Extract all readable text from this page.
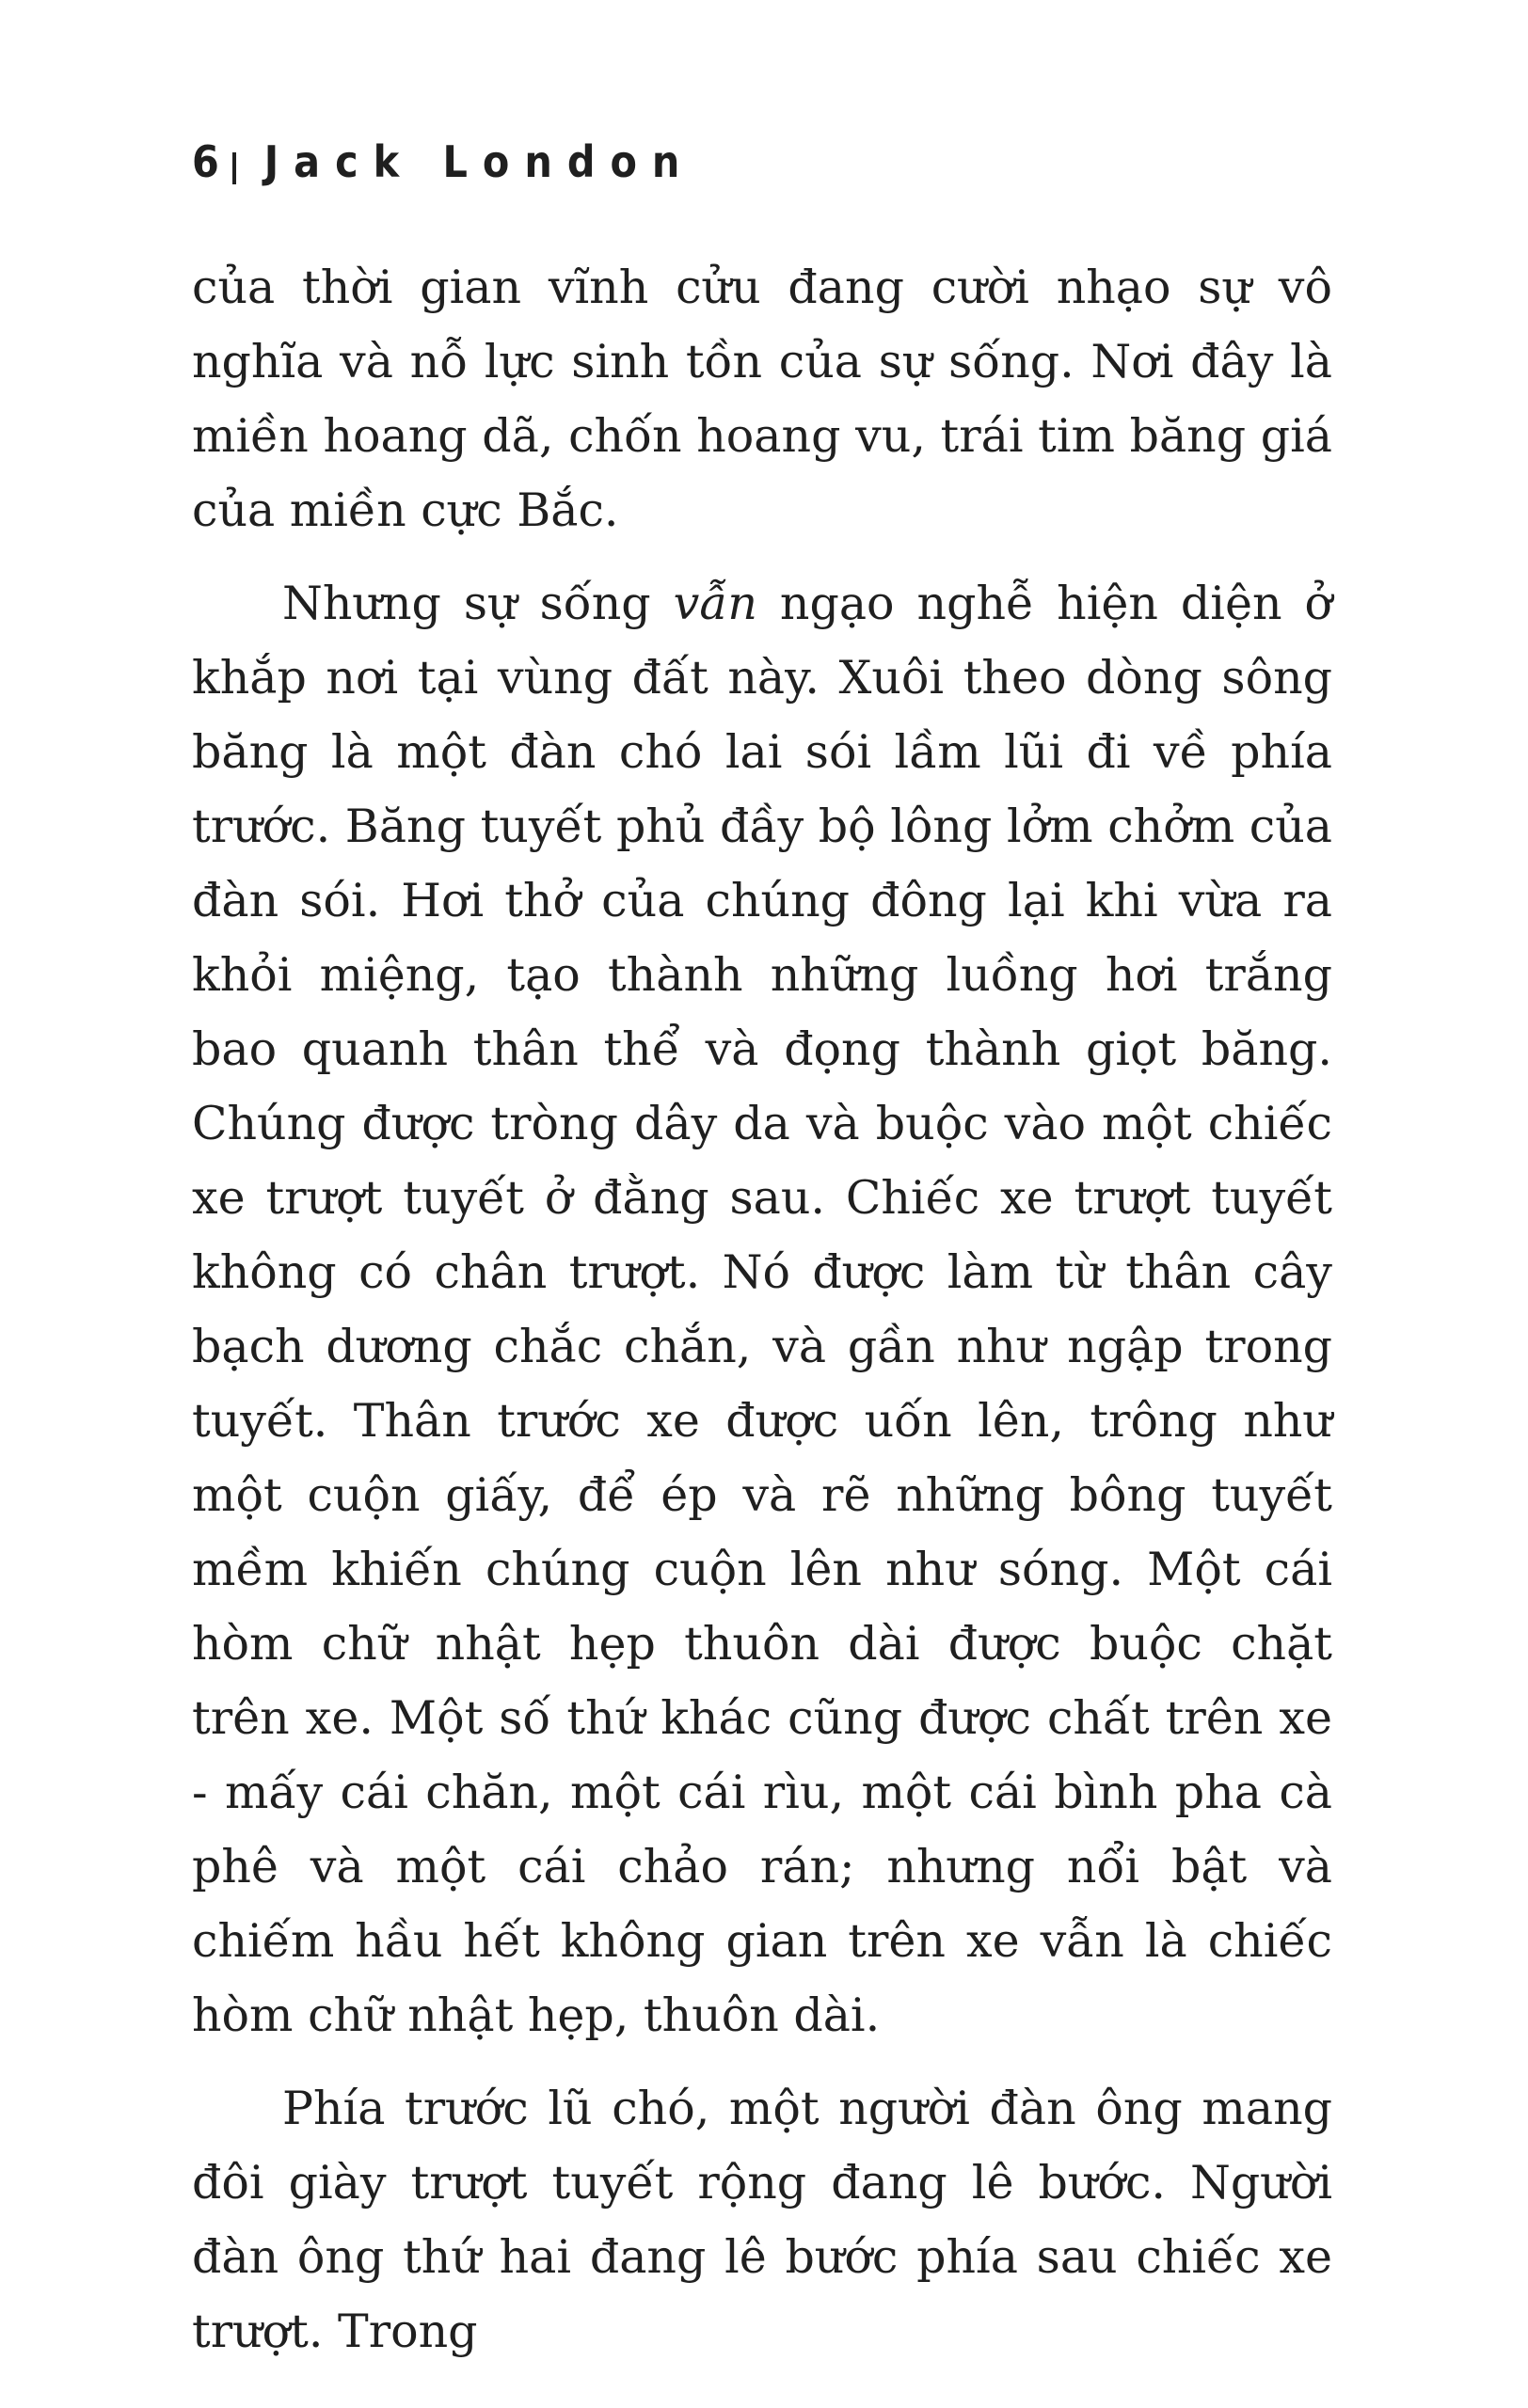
6 Jack London

của thời gian vĩnh cửu đang cười nhạo sự vô nghĩa và nỗ lực sinh tồn của sự sống. Nơi đây là miền hoang dã, chốn hoang vu, trái tim băng giá của miền cực Bắc.

Nhưng sự sống vẫn ngạo nghễ hiện diện ở khắp nơi tại vùng đất này. Xuôi theo dòng sông băng là một đàn chó lai sói lầm lũi đi về phía trước. Băng tuyết phủ đầy bộ lông lởm chởm của đàn sói. Hơi thở của chúng đông lại khi vừa ra khỏi miệng, tạo thành những luồng hơi trắng bao quanh thân thể và đọng thành giọt băng. Chúng được tròng dây da và buộc vào một chiếc xe trượt tuyết ở đằng sau. Chiếc xe trượt tuyết không có chân trượt. Nó được làm từ thân cây bạch dương chắc chắn, và gần như ngập trong tuyết. Thân trước xe được uốn lên, trông như một cuộn giấy, để ép và rẽ những bông tuyết mềm khiến chúng cuộn lên như sóng. Một cái hòm chữ nhật hẹp thuôn dài được buộc chặt trên xe. Một số thứ khác cũng được chất trên xe - mấy cái chăn, một cái rìu, một cái bình pha cà phê và một cái chảo rán; nhưng nổi bật và chiếm hầu hết không gian trên xe vẫn là chiếc hòm chữ nhật hẹp, thuôn dài.

Phía trước lũ chó, một người đàn ông mang đôi giày trượt tuyết rộng đang lê bước. Người đàn ông thứ hai đang lê bước phía sau chiếc xe trượt. Trong
